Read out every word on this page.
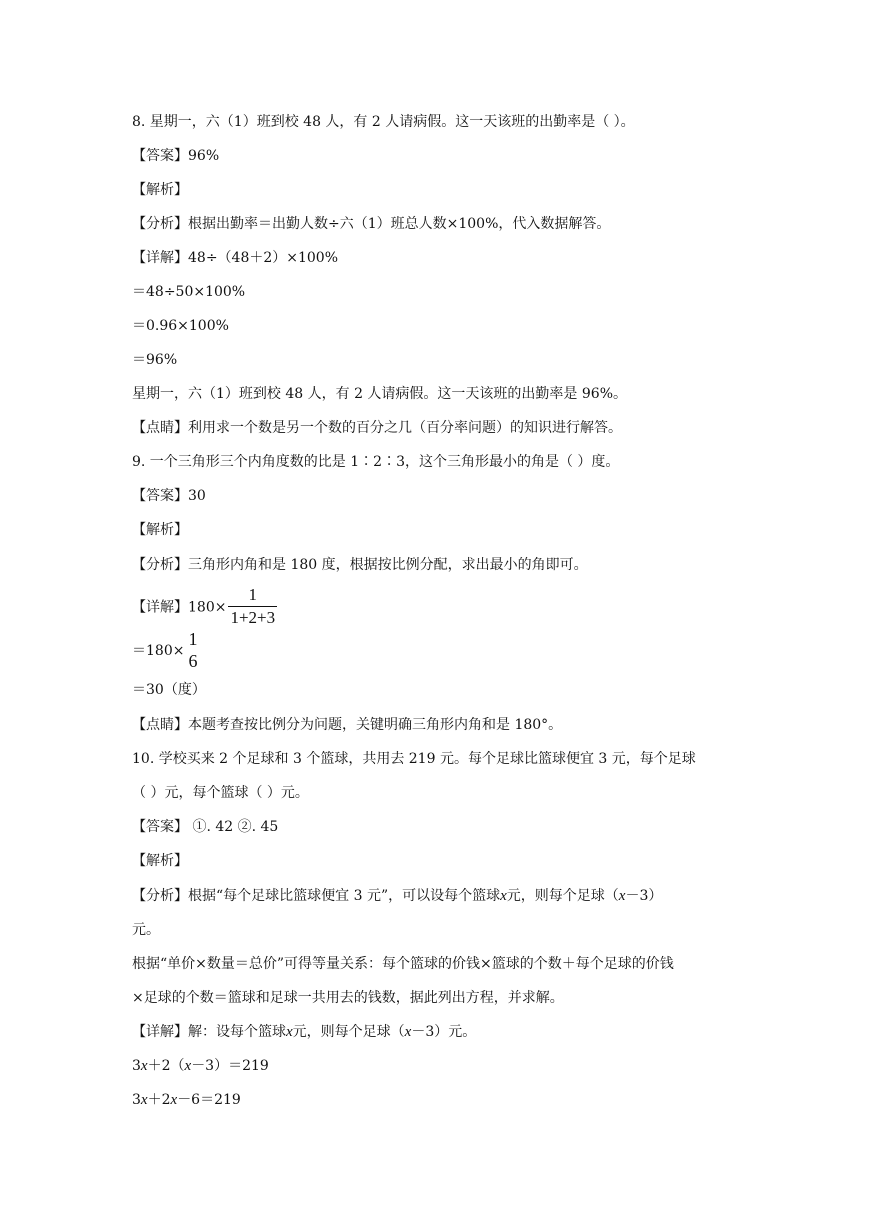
8. 星期一，六（1）班到校 48 人，有 2 人请病假。这一天该班的出勤率是（ ）。
【答案】96%
【解析】
【分析】根据出勤率＝出勤人数÷六（1）班总人数×100%，代入数据解答。
【详解】48÷（48＋2）×100%
＝48÷50×100%
＝0.96×100%
＝96%
星期一，六（1）班到校 48 人，有 2 人请病假。这一天该班的出勤率是 96%。
【点睛】利用求一个数是另一个数的百分之几（百分率问题）的知识进行解答。
9. 一个三角形三个内角度数的比是 1∶2∶3，这个三角形最小的角是（ ）度。
【答案】30
【解析】
【分析】三角形内角和是 180 度，根据按比例分配，求出最小的角即可。
【详解】$180\times \frac{1}{1+2+3}$
＝180×
1
6
＝30（度）
【点睛】本题考查按比例分为问题，关键明确三角形内角和是 180°。
10. 学校买来 2 个足球和 3 个篮球，共用去 219 元。每个足球比篮球便宜 3 元，每个足球
（ ）元，每个篮球（ ）元。
【答案】 ①. 42 ②. 45
【解析】
【分析】根据“每个足球比篮球便宜 3 元”，可以设每个篮球x元，则每个足球（x－3）
元。
根据“单价×数量＝总价”可得等量关系：每个篮球的价钱×篮球的个数＋每个足球的价钱
×足球的个数＝篮球和足球一共用去的钱数，据此列出方程，并求解。
【详解】解：设每个篮球x元，则每个足球（x－3）元。
3x＋2（x－3）＝219
3x＋2x－6＝219
